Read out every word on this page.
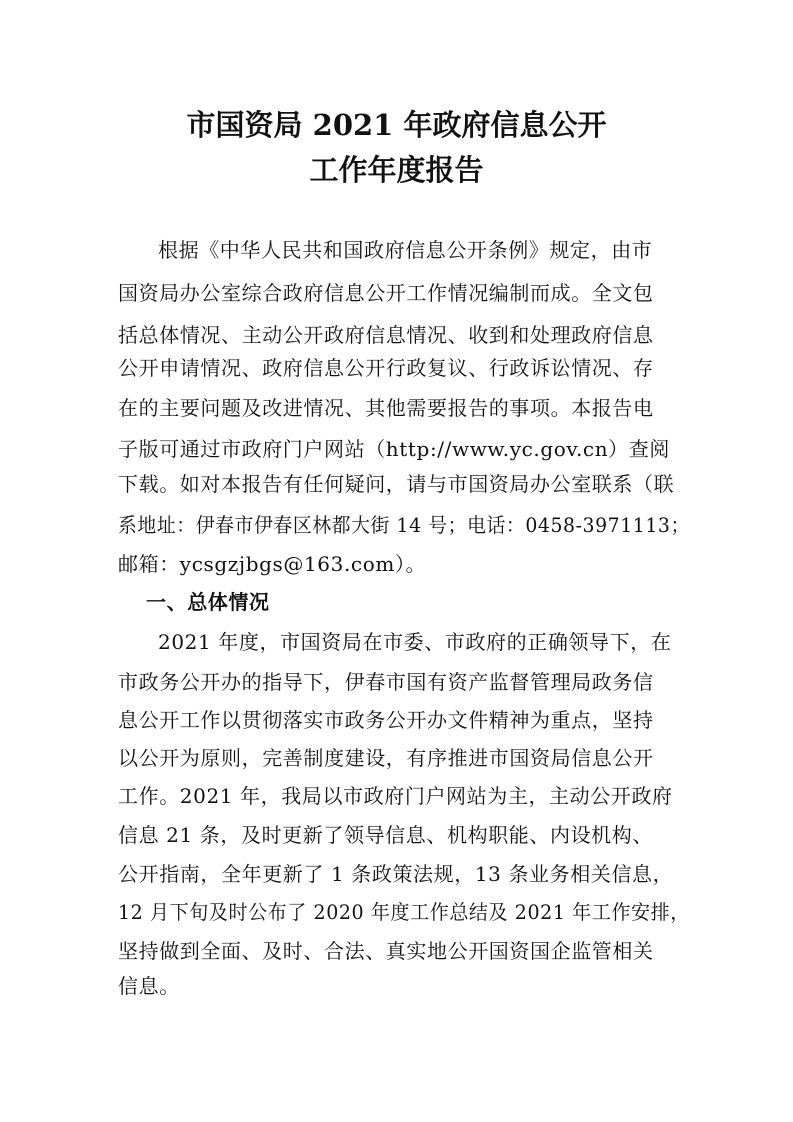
市国资局 2021 年政府信息公开
工作年度报告
根据《中华人民共和国政府信息公开条例》规定，由市
国资局办公室综合政府信息公开工作情况编制而成。全文包
括总体情况、主动公开政府信息情况、收到和处理政府信息
公开申请情况、政府信息公开行政复议、行政诉讼情况、存
在的主要问题及改进情况、其他需要报告的事项。本报告电
子版可通过市政府门户网站（http://www.yc.gov.cn）查阅
下载。如对本报告有任何疑问，请与市国资局办公室联系（联
系地址：伊春市伊春区林都大街 14 号；电话：0458-3971113；
邮箱：ycsgzjbgs@163.com）。
一、总体情况
2021 年度，市国资局在市委、市政府的正确领导下，在
市政务公开办的指导下，伊春市国有资产监督管理局政务信
息公开工作以贯彻落实市政务公开办文件精神为重点，坚持
以公开为原则，完善制度建设，有序推进市国资局信息公开
工作。2021 年，我局以市政府门户网站为主，主动公开政府
信息 21 条，及时更新了领导信息、机构职能、内设机构、
公开指南，全年更新了 1 条政策法规，13 条业务相关信息，
12 月下旬及时公布了 2020 年度工作总结及 2021 年工作安排，
坚持做到全面、及时、合法、真实地公开国资国企监管相关
信息。
